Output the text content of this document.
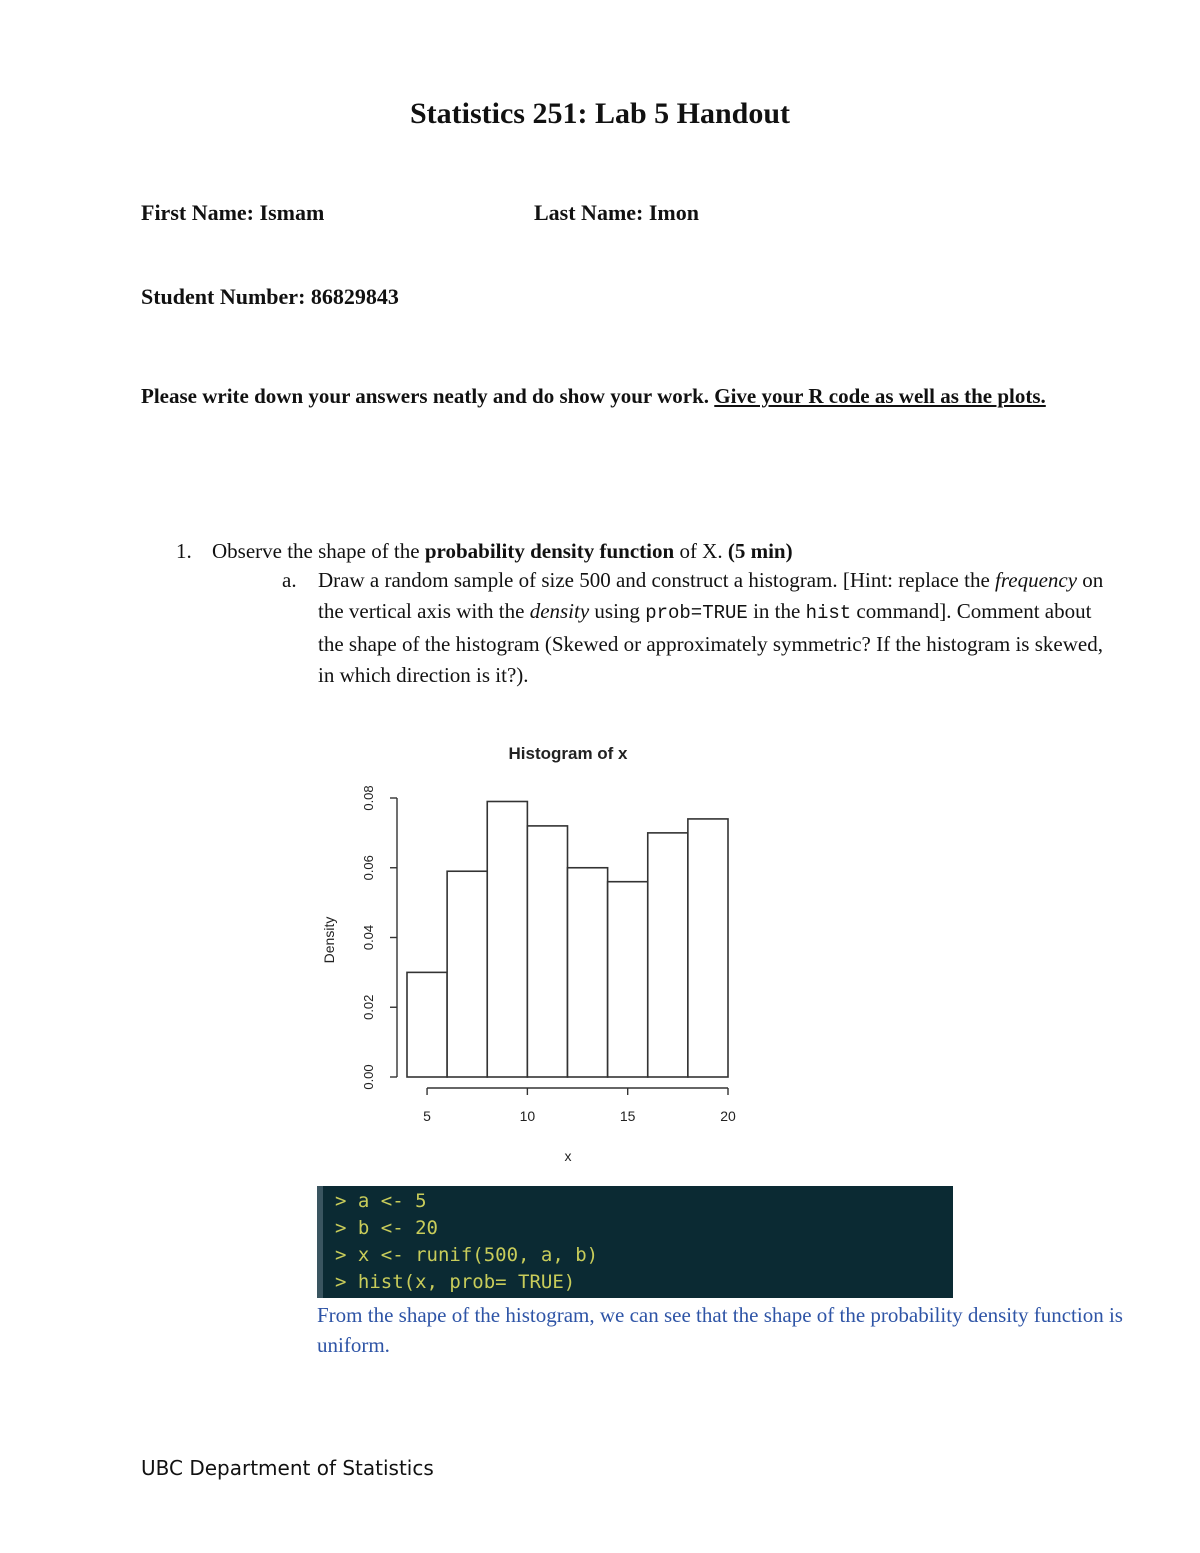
Statistics 251: Lab 5 Handout
First Name: Ismam	Last Name: Imon
Student Number: 86829843
Please write down your answers neatly and do show your work. Give your R code as well as the plots.
1. Observe the shape of the probability density function of X. (5 min)
a.	Draw a random sample of size 500 and construct a histogram. [Hint: replace the frequency on the vertical axis with the density using prob=TRUE in the hist command]. Comment about the shape of the histogram (Skewed or approximately symmetric? If the histogram is skewed, in which direction is it?).
Histogram of x
x
Density
0.00
0.02
0.04
0.06
0.08
5	10	15	20
> a <- 5
> b <- 20
> x <- runif(500, a, b)
> hist(x, prob= TRUE)
From the shape of the histogram, we can see that the shape of the probability density function is uniform.
UBC Department of Statistics
